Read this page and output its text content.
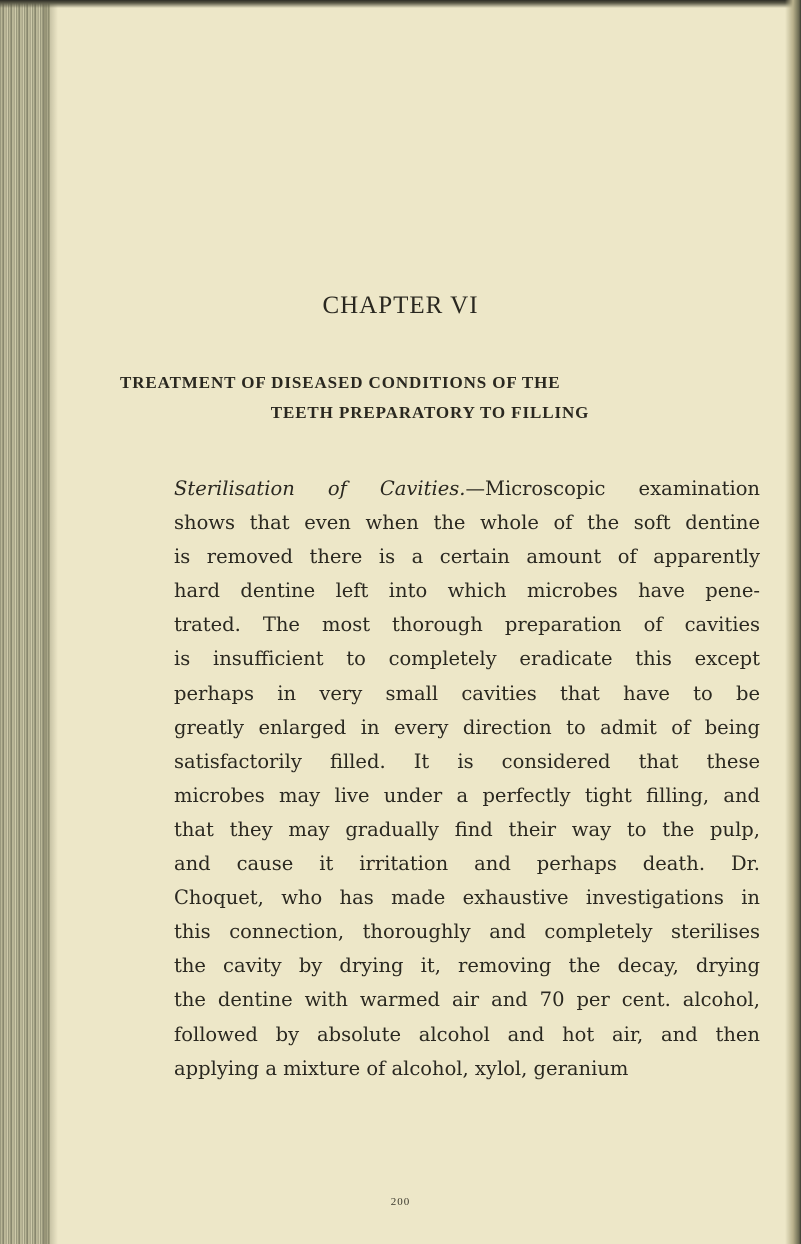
CHAPTER VI
TREATMENT OF DISEASED CONDITIONS OF THE
TEETH PREPARATORY TO FILLING
Sterilisation of Cavities.—Microscopic examination
shows that even when the whole of the soft dentine
is removed there is a certain amount of apparently
hard dentine left into which microbes have pene-
trated. The most thorough preparation of cavities
is insufficient to completely eradicate this except
perhaps in very small cavities that have to be
greatly enlarged in every direction to admit of being
satisfactorily filled. It is considered that these
microbes may live under a perfectly tight filling, and
that they may gradually find their way to the pulp,
and cause it irritation and perhaps death. Dr.
Choquet, who has made exhaustive investigations in
this connection, thoroughly and completely sterilises
the cavity by drying it, removing the decay, drying
the dentine with warmed air and 70 per cent. alcohol,
followed by absolute alcohol and hot air, and then
applying a mixture of alcohol, xylol, geranium
200
